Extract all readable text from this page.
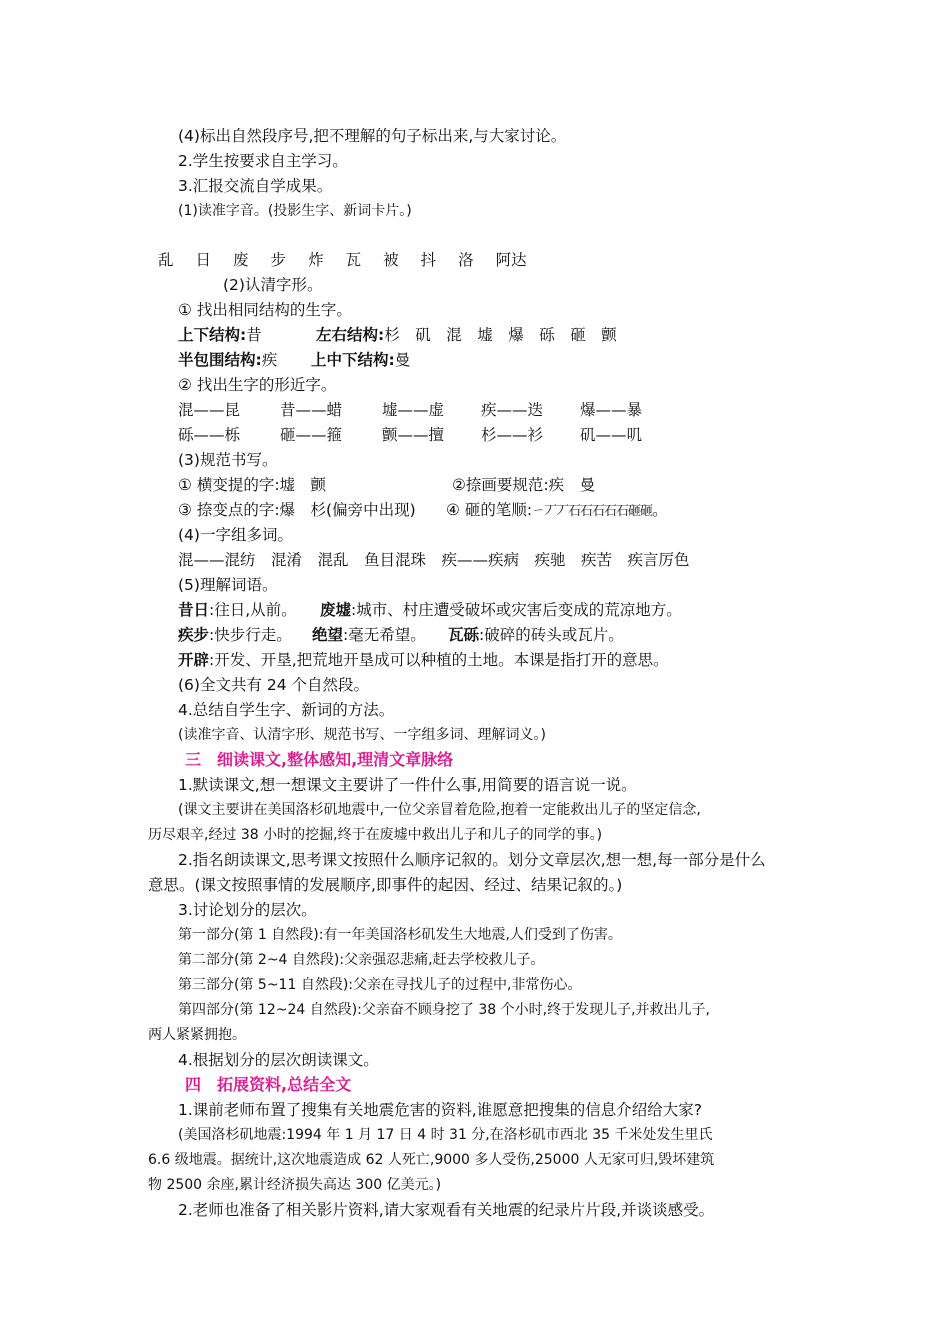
(4)标出自然段序号,把不理解的句子标出来,与大家讨论。
2.学生按要求自主学习。
3.汇报交流自学成果。
(1)读准字音。(投影生字、新词卡片。)
乱 日 废 步 炸 瓦 被 抖 洛 阿达
(2)认清字形。
① 找出相同结构的生字。
上下结构:昔	左右结构:杉　矶　混　墟　爆　砾　砸　颤
半包围结构:疾 上中下结构:曼
② 找出生字的形近字。
混——昆	昔——蜡	墟——虚 疾——迭 爆——暴
砾——栎	砸——箍	颤——擅 杉——衫 矶——叽
(3)规范书写。
① 横变提的字:墟　颤	②捺画要规范:疾　曼
③ 捺变点的字:爆　杉(偏旁中出现) ④ 砸的笔顺:ㄧ丆丆石石石石石砸砸。
(4)一字组多词。
混——混纺　混淆　混乱　鱼目混珠　疾——疾病　疾驰　疾苦　疾言厉色
(5)理解词语。
昔日:往日,从前。 废墟:城市、村庄遭受破坏或灾害后变成的荒凉地方。
疾步:快步行走。 绝望:毫无希望。 瓦砾:破碎的砖头或瓦片。
开辟:开发、开垦,把荒地开垦成可以种植的土地。本课是指打开的意思。
(6)全文共有 24 个自然段。
4.总结自学生字、新词的方法。
(读准字音、认清字形、规范书写、一字组多词、理解词义。)
三　细读课文,整体感知,理清文章脉络
1.默读课文,想一想课文主要讲了一件什么事,用简要的语言说一说。
(课文主要讲在美国洛杉矶地震中,一位父亲冒着危险,抱着一定能救出儿子的坚定信念,
历尽艰辛,经过 38 小时的挖掘,终于在废墟中救出儿子和儿子的同学的事。)
2.指名朗读课文,思考课文按照什么顺序记叙的。划分文章层次,想一想,每一部分是什么
意思。(课文按照事情的发展顺序,即事件的起因、经过、结果记叙的。)
3.讨论划分的层次。
第一部分(第 1 自然段):有一年美国洛杉矶发生大地震,人们受到了伤害。
第二部分(第 2~4 自然段):父亲强忍悲痛,赶去学校救儿子。
第三部分(第 5~11 自然段):父亲在寻找儿子的过程中,非常伤心。
第四部分(第 12~24 自然段):父亲奋不顾身挖了 38 个小时,终于发现儿子,并救出儿子,
两人紧紧拥抱。
4.根据划分的层次朗读课文。
四　拓展资料,总结全文
1.课前老师布置了搜集有关地震危害的资料,谁愿意把搜集的信息介绍给大家?
(美国洛杉矶地震:1994 年 1 月 17 日 4 时 31 分,在洛杉矶市西北 35 千米处发生里氏
6.6 级地震。据统计,这次地震造成 62 人死亡,9000 多人受伤,25000 人无家可归,毁坏建筑
物 2500 余座,累计经济损失高达 300 亿美元。)
2.老师也准备了相关影片资料,请大家观看有关地震的纪录片片段,并谈谈感受。
